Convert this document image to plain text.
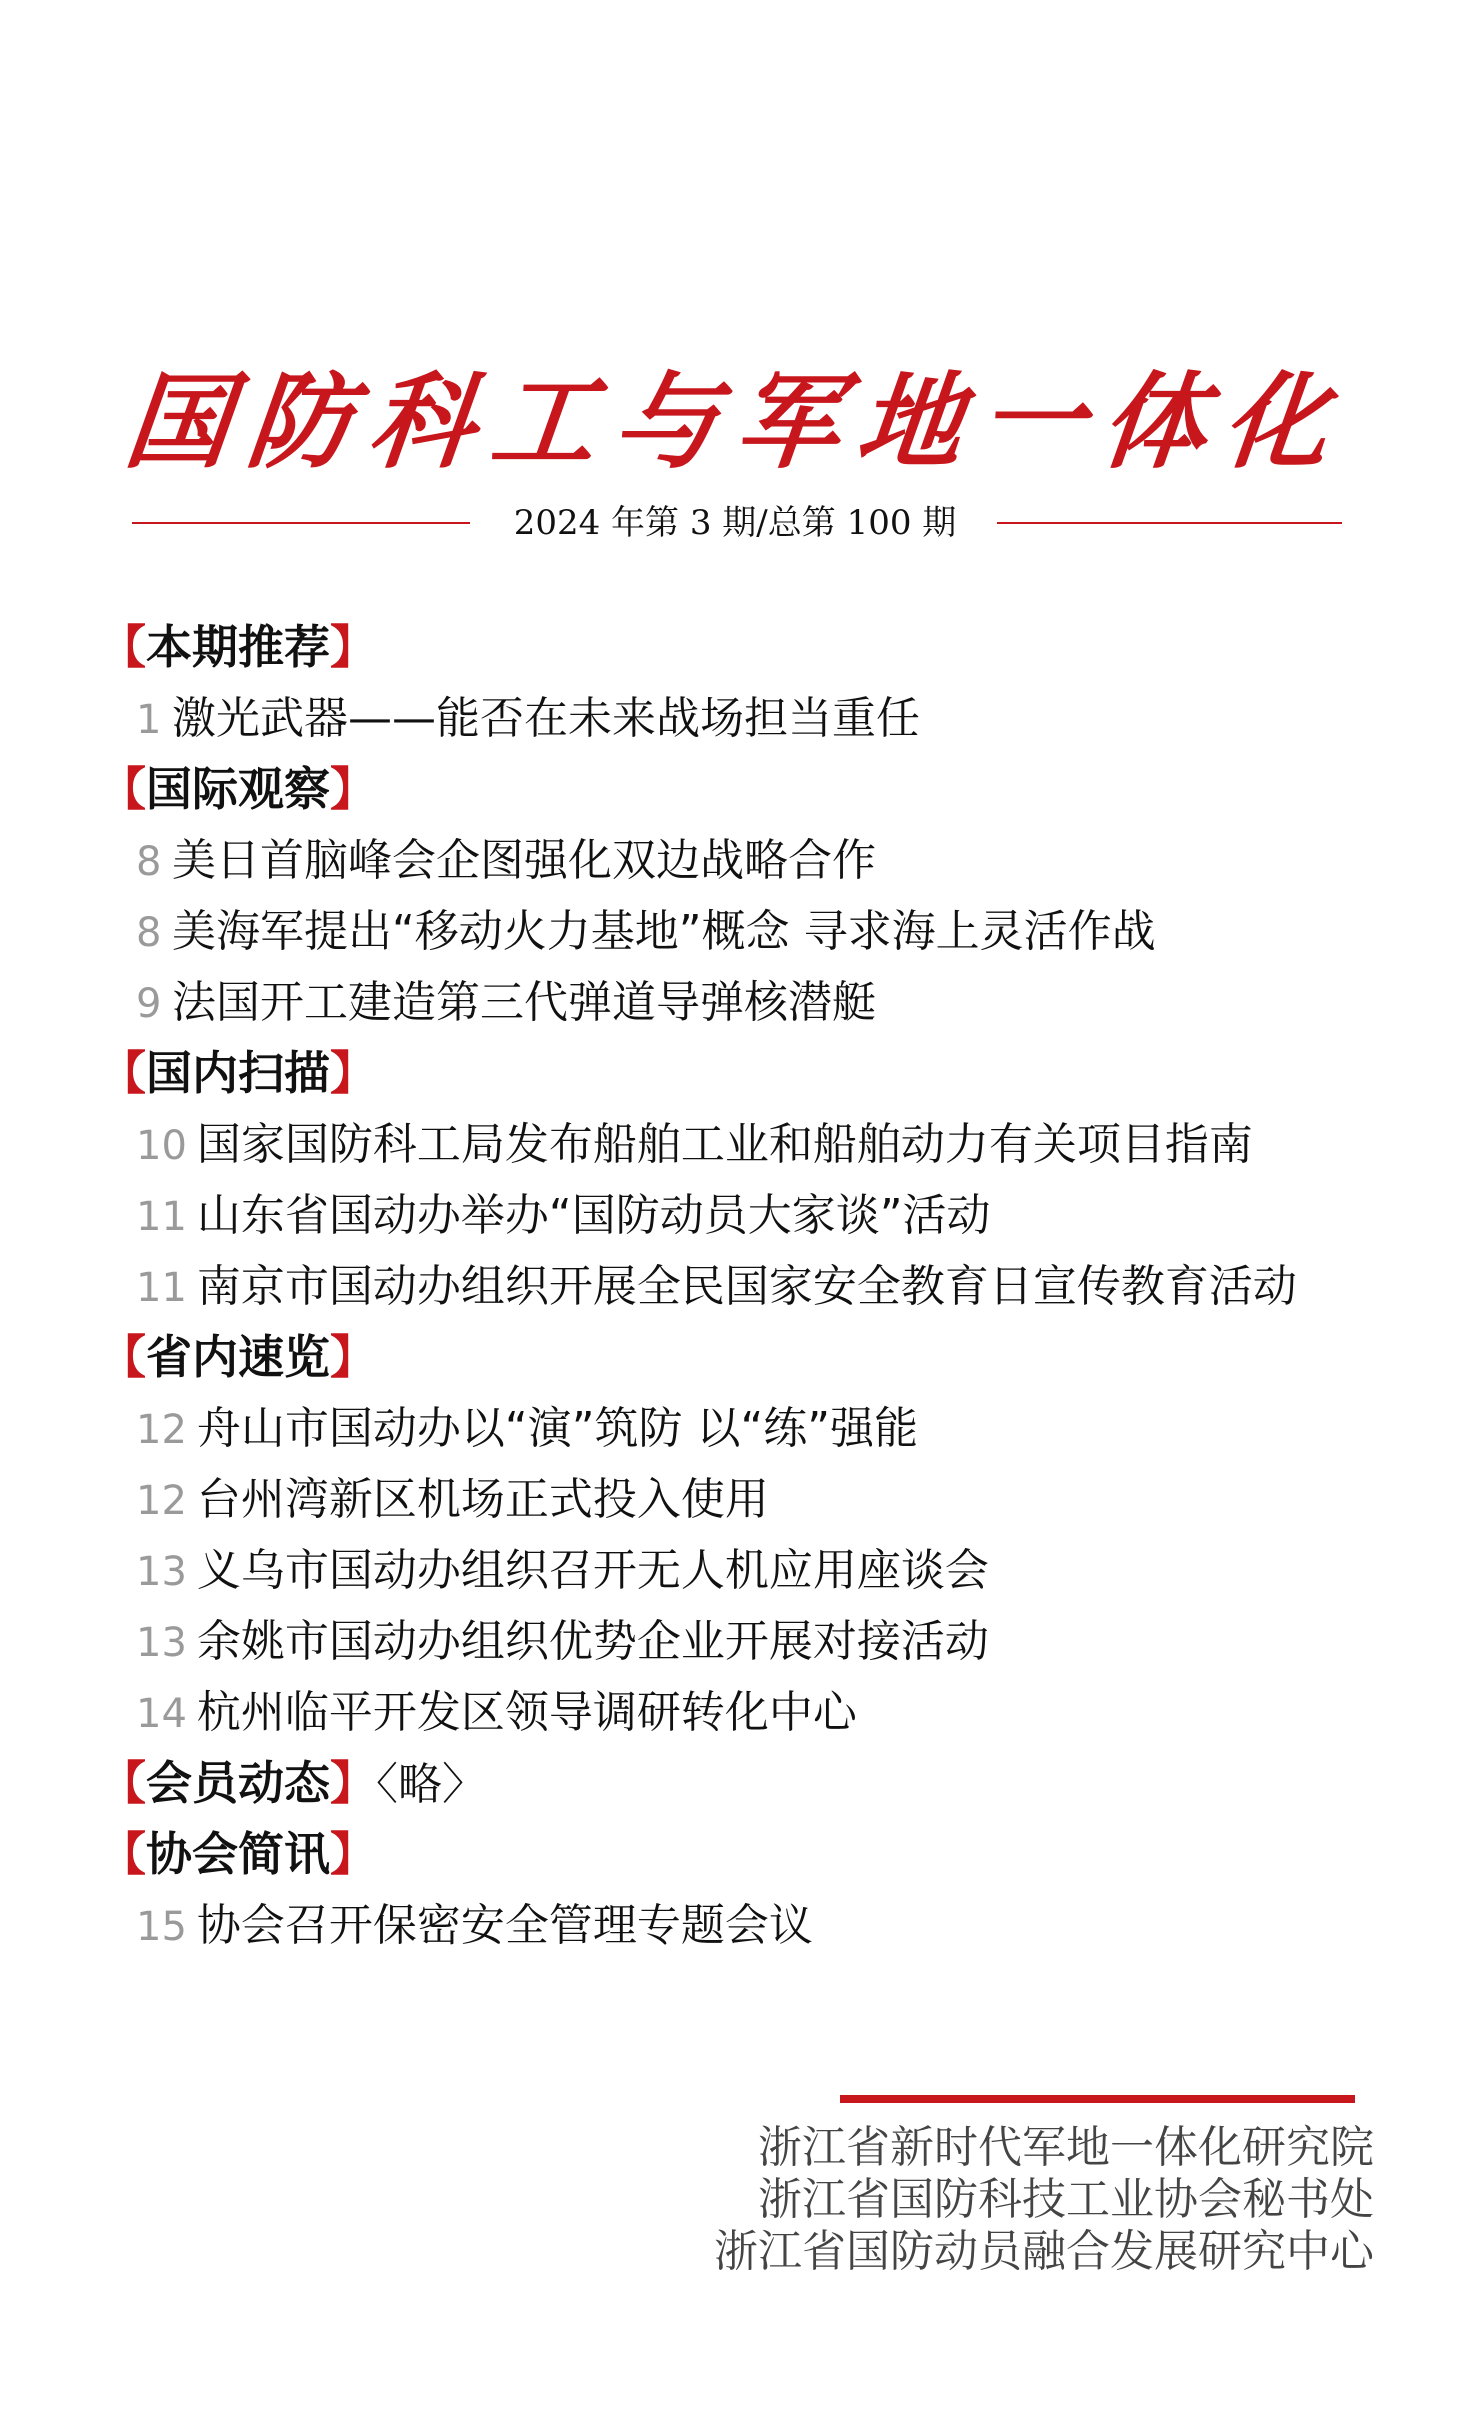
国防科工与军地一体化
2024 年第 3 期/总第 100 期
【本期推荐】
1 激光武器——能否在未来战场担当重任
【国际观察】
8 美日首脑峰会企图强化双边战略合作
8 美海军提出“移动火力基地”概念 寻求海上灵活作战
9 法国开工建造第三代弹道导弹核潜艇
【国内扫描】
10 国家国防科工局发布船舶工业和船舶动力有关项目指南
11 山东省国动办举办“国防动员大家谈”活动
11 南京市国动办组织开展全民国家安全教育日宣传教育活动
【省内速览】
12 舟山市国动办以“演”筑防 以“练”强能
12 台州湾新区机场正式投入使用
13 义乌市国动办组织召开无人机应用座谈会
13 余姚市国动办组织优势企业开展对接活动
14 杭州临平开发区领导调研转化中心
【会员动态】〈略〉
【协会简讯】
15 协会召开保密安全管理专题会议
浙江省新时代军地一体化研究院
浙江省国防科技工业协会秘书处
浙江省国防动员融合发展研究中心
